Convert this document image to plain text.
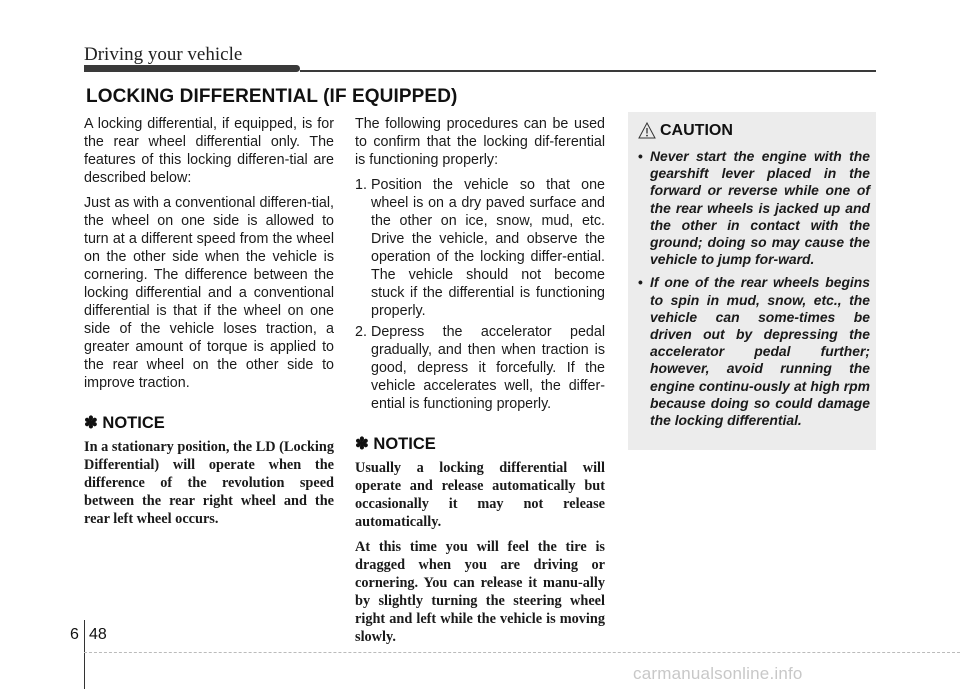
Driving your vehicle
LOCKING DIFFERENTIAL (IF EQUIPPED)

A locking differential, if equipped, is for the rear wheel differential only. The features of this locking differen-tial are described below:

Just as with a conventional differen-tial, the wheel on one side is allowed to turn at a different speed from the wheel on the other side when the vehicle is cornering. The difference between the locking differential and a conventional differential is that if the wheel on one side of the vehicle loses traction, a greater amount of torque is applied to the rear wheel on the other side to improve traction.

✽ NOTICE

In a stationary position, the LD (Locking Differential) will operate when the difference of the revolution speed between the rear right wheel and the rear left wheel occurs.

The following procedures can be used to confirm that the locking dif-ferential is functioning properly:

1. Position the vehicle so that one wheel is on a dry paved surface and the other on ice, snow, mud, etc. Drive the vehicle, and observe the operation of the locking differ-ential. The vehicle should not become stuck if the differential is functioning properly.
2. Depress the accelerator pedal gradually, and then when traction is good, depress it forcefully. If the vehicle accelerates well, the differ-ential is functioning properly.
✽ NOTICE

Usually a locking differential will operate and release automatically but occasionally it may not release automatically.

At this time you will feel the tire is dragged when you are driving or cornering. You can release it manu-ally by slightly turning the steering wheel right and left while the vehicle is moving slowly.

CAUTION
• Never start the engine with the gearshift lever placed in the forward or reverse while one of the rear wheels is jacked up and the other in contact with the ground; doing so may cause the vehicle to jump for-ward.
• If one of the rear wheels begins to spin in mud, snow, etc., the vehicle can some-times be driven out by depressing the accelerator pedal further; however, avoid running the engine continu-ously at high rpm because doing so could damage the locking differential.
6 48
carmanualsonline.info
